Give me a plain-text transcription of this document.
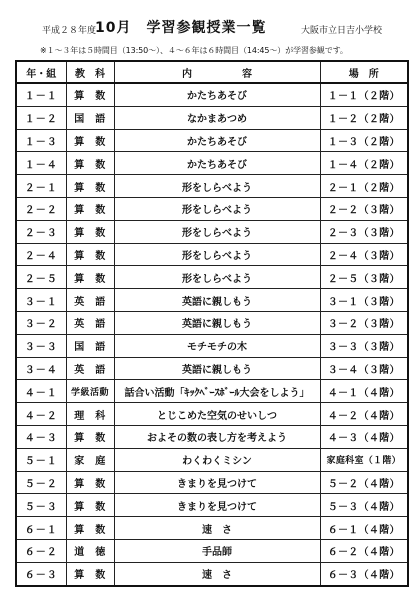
平成２８年度
10月　学習参観授業一覧	大阪市立日吉小学校
※１～３年は５時間目（13:50～）、４～６年は６時間目（14:45～）が学習参観です。
年・組	教　科	内　　　　　容	場　所
１－１	算　数	かたちあそび	１－１（２階）
１－２	国　語	なかまあつめ	１－２（２階）
１－３	算　数	かたちあそび	１－３（２階）
１－４	算　数	かたちあそび	１－４（２階）
２－１	算　数	形をしらべよう	２－１（２階）
２－２	算　数	形をしらべよう	２－２（３階）
２－３	算　数	形をしらべよう	２－３（３階）
２－４	算　数	形をしらべよう	２－４（３階）
２－５	算　数	形をしらべよう	２－５（３階）
３－１	英　語	英語に親しもう	３－１（３階）
３－２	英　語	英語に親しもう	３－２（３階）
３－３	国　語	モチモチの木	３－３（３階）
３－４	英　語	英語に親しもう	３－４（３階）
４－１	学級活動	話合い活動「ｷｯｸﾍﾞｰｽﾎﾞｰﾙ大会をしよう」	４－１（４階）
４－２	理　科	とじこめた空気のせいしつ	４－２（４階）
４－３	算　数	およその数の表し方を考えよう	４－３（４階）
５－１	家　庭	わくわくミシン	家庭科室（１階）
５－２	算　数	きまりを見つけて	５－２（４階）
５－３	算　数	きまりを見つけて	５－３（４階）
６－１	算　数	速　さ	６－１（４階）
６－２	道　徳	手品師	６－２（４階）
６－３	算　数	速　さ	６－３（４階）
